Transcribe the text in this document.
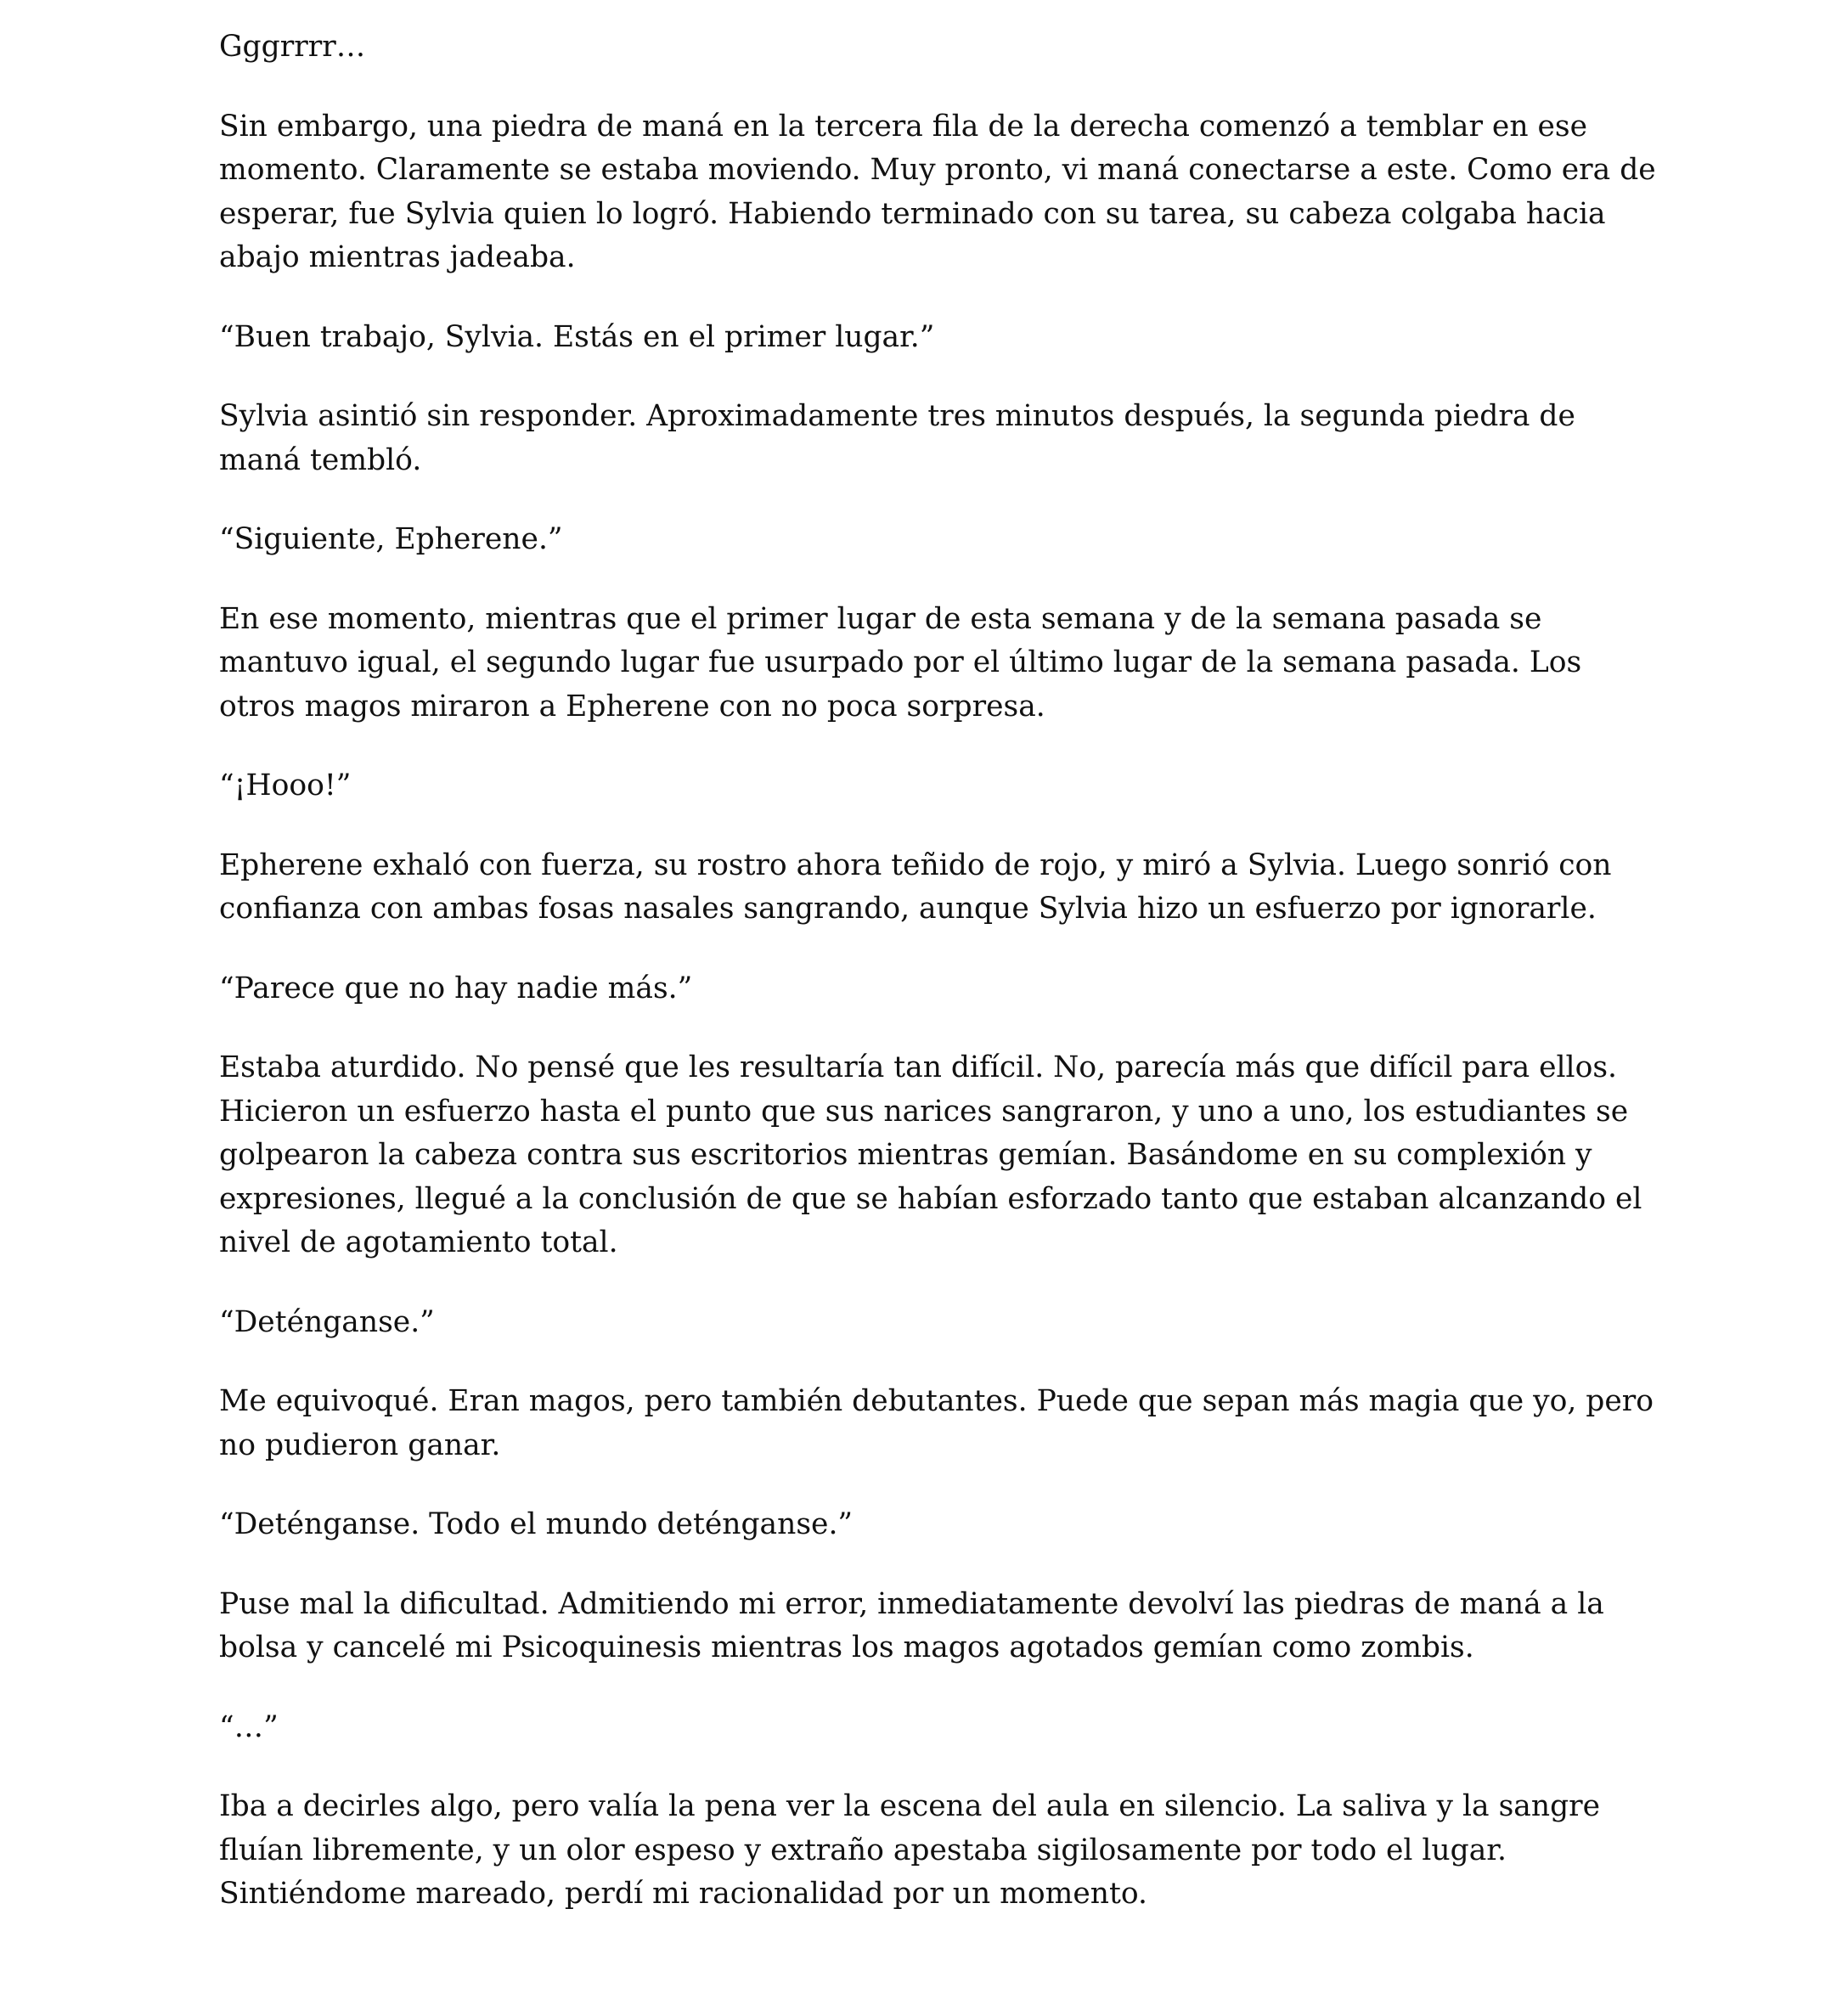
Gggrrrr…

Sin embargo, una piedra de maná en la tercera fila de la derecha comenzó a temblar en ese momento. Claramente se estaba moviendo. Muy pronto, vi maná conectarse a este. Como era de esperar, fue Sylvia quien lo logró. Habiendo terminado con su tarea, su cabeza colgaba hacia abajo mientras jadeaba.

“Buen trabajo, Sylvia. Estás en el primer lugar.”

Sylvia asintió sin responder. Aproximadamente tres minutos después, la segunda piedra de maná tembló.

“Siguiente, Epherene.”

En ese momento, mientras que el primer lugar de esta semana y de la semana pasada se mantuvo igual, el segundo lugar fue usurpado por el último lugar de la semana pasada. Los otros magos miraron a Epherene con no poca sorpresa.

“¡Hooo!”

Epherene exhaló con fuerza, su rostro ahora teñido de rojo, y miró a Sylvia. Luego sonrió con confianza con ambas fosas nasales sangrando, aunque Sylvia hizo un esfuerzo por ignorarle.

“Parece que no hay nadie más.”

Estaba aturdido. No pensé que les resultaría tan difícil. No, parecía más que difícil para ellos. Hicieron un esfuerzo hasta el punto que sus narices sangraron, y uno a uno, los estudiantes se golpearon la cabeza contra sus escritorios mientras gemían. Basándome en su complexión y expresiones, llegué a la conclusión de que se habían esforzado tanto que estaban alcanzando el nivel de agotamiento total.

“Deténganse.”

Me equivoqué. Eran magos, pero también debutantes. Puede que sepan más magia que yo, pero no pudieron ganar.

“Deténganse. Todo el mundo deténganse.”

Puse mal la dificultad. Admitiendo mi error, inmediatamente devolví las piedras de maná a la bolsa y cancelé mi Psicoquinesis mientras los magos agotados gemían como zombis.

“…”

Iba a decirles algo, pero valía la pena ver la escena del aula en silencio. La saliva y la sangre fluían libremente, y un olor espeso y extraño apestaba sigilosamente por todo el lugar. Sintiéndome mareado, perdí mi racionalidad por un momento.
